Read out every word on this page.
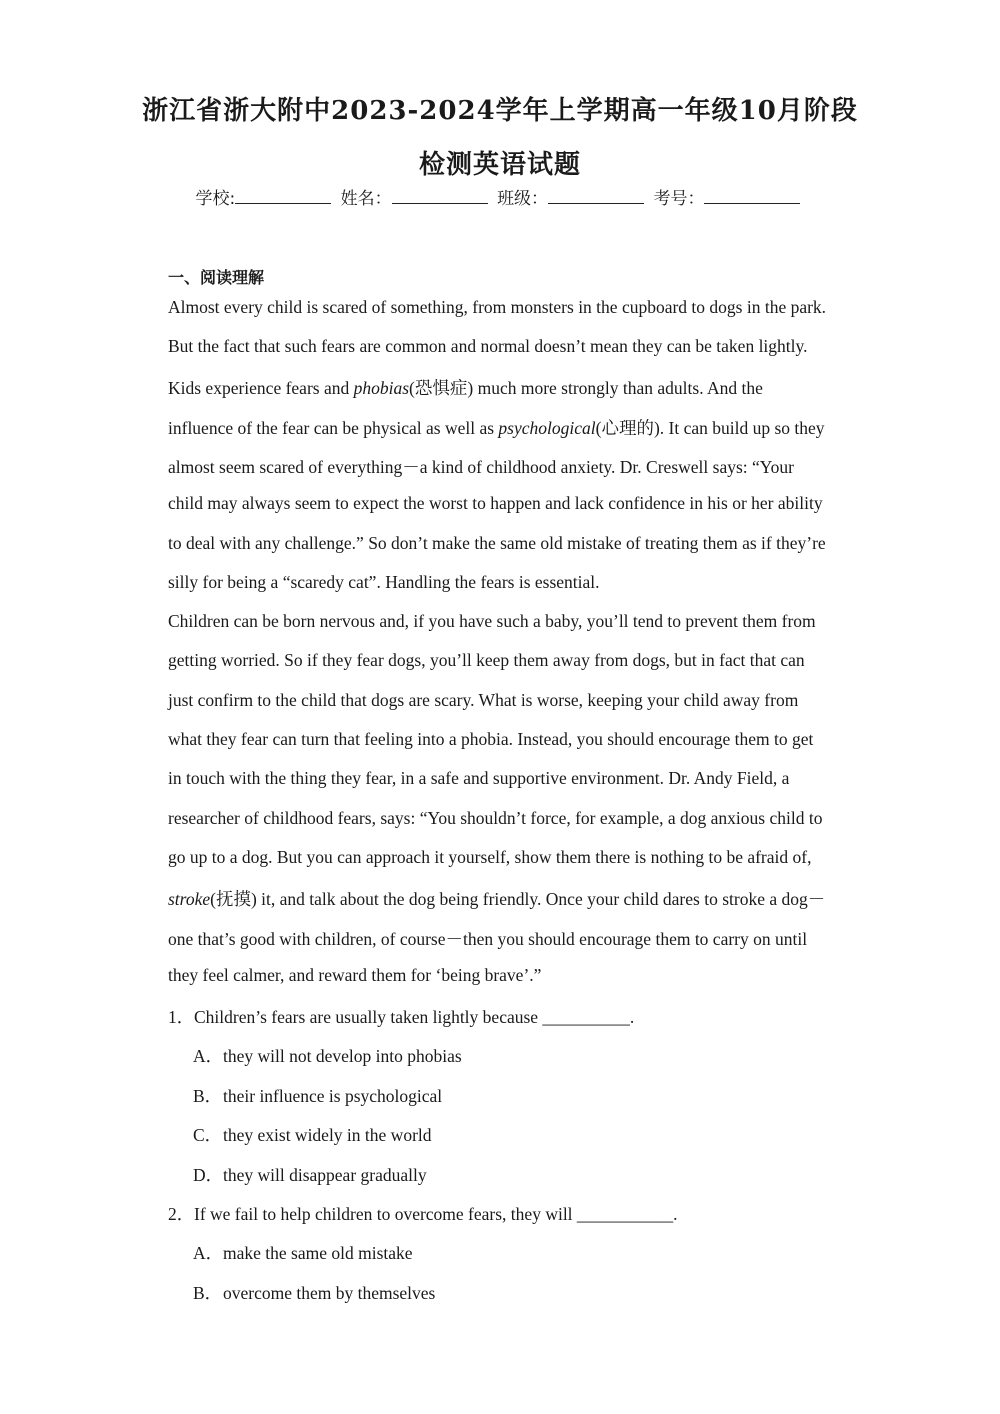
浙江省浙大附中2023-2024学年上学期高一年级10月阶段
检测英语试题
学校:	姓名：	班级：	考号：
一、阅读理解
Almost every child is scared of something, from monsters in the cupboard to dogs in the park.
But the fact that such fears are common and normal doesn’t mean they can be taken lightly.
Kids experience fears and phobias(恐惧症) much more strongly than adults. And the
influence of the fear can be physical as well as psychological(心理的). It can build up so they
almost seem scared of everything－a kind of childhood anxiety. Dr. Creswell says: “Your
child may always seem to expect the worst to happen and lack confidence in his or her ability
to deal with any challenge.” So don’t make the same old mistake of treating them as if they’re
silly for being a “scaredy cat”. Handling the fears is essential.
Children can be born nervous and, if you have such a baby, you’ll tend to prevent them from
getting worried. So if they fear dogs, you’ll keep them away from dogs, but in fact that can
just confirm to the child that dogs are scary. What is worse, keeping your child away from
what they fear can turn that feeling into a phobia. Instead, you should encourage them to get
in touch with the thing they fear, in a safe and supportive environment. Dr. Andy Field, a
researcher of childhood fears, says: “You shouldn’t force, for example, a dog anxious child to
go up to a dog. But you can approach it yourself, show them there is nothing to be afraid of,
stroke(抚摸) it, and talk about the dog being friendly. Once your child dares to stroke a dog－
one that’s good with children, of course－then you should encourage them to carry on until
they feel calmer, and reward them for ‘being brave’.”
1．Children’s fears are usually taken lightly because __________.
A．they will not develop into phobias
B．their influence is psychological
C．they exist widely in the world
D．they will disappear gradually
2．If we fail to help children to overcome fears, they will ___________.
A．make the same old mistake
B．overcome them by themselves
